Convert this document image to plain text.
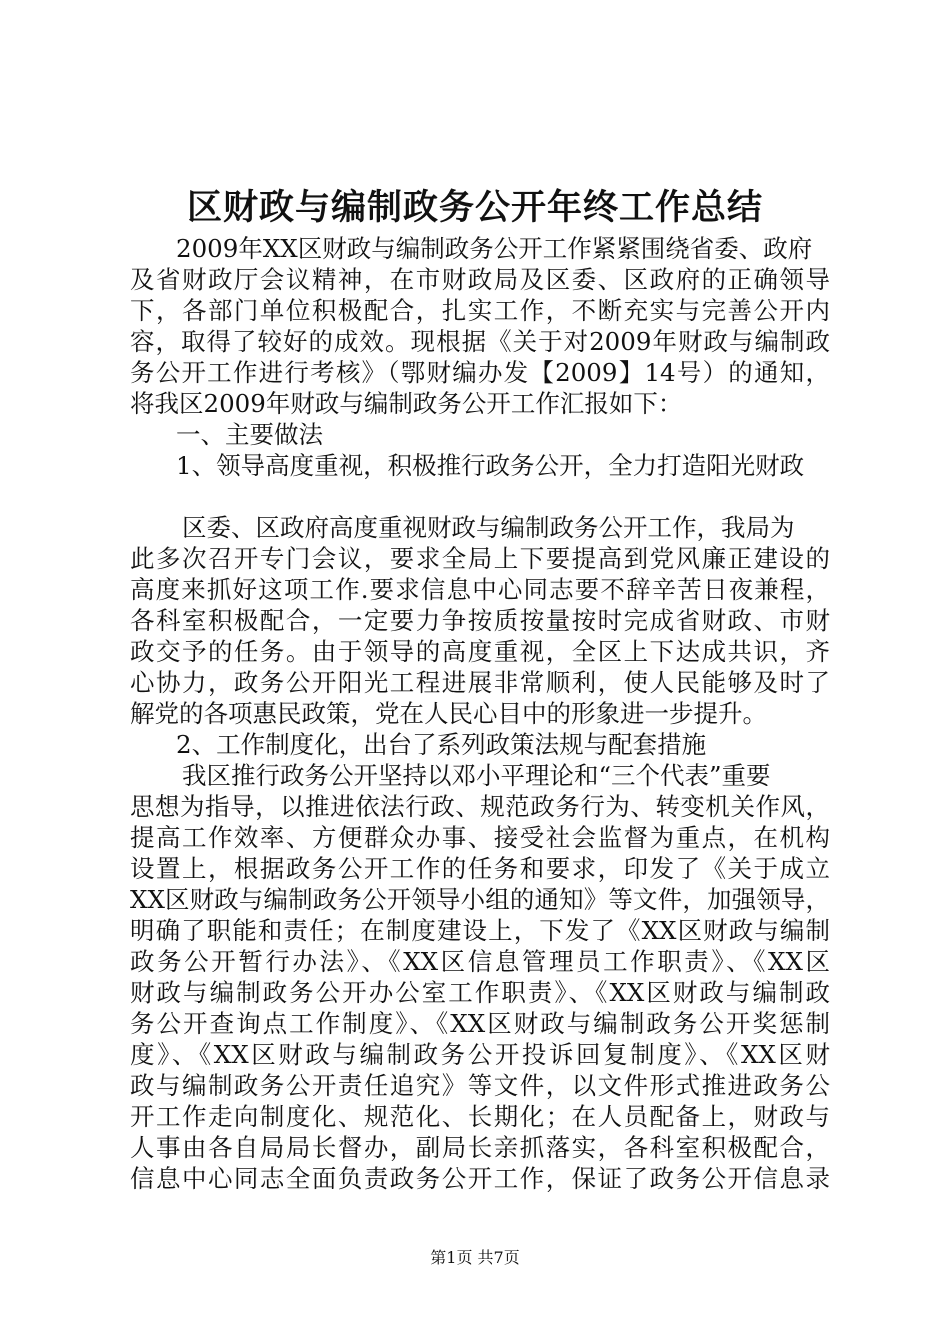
区财政与编制政务公开年终工作总结
2009年XX区财政与编制政务公开工作紧紧围绕省委、政府
及省财政厅会议精神，在市财政局及区委、区政府的正确领导
下，各部门单位积极配合，扎实工作，不断充实与完善公开内
容，取得了较好的成效。现根据《关于对2009年财政与编制政
务公开工作进行考核》（鄂财编办发【2009】14号）的通知，
将我区2009年财政与编制政务公开工作汇报如下：
一、主要做法
1、领导高度重视，积极推行政务公开，全力打造阳光财政
区委、区政府高度重视财政与编制政务公开工作，我局为
此多次召开专门会议，要求全局上下要提高到党风廉正建设的
高度来抓好这项工作.要求信息中心同志要不辞辛苦日夜兼程，
各科室积极配合，一定要力争按质按量按时完成省财政、市财
政交予的任务。由于领导的高度重视，全区上下达成共识，齐
心协力，政务公开阳光工程进展非常顺利，使人民能够及时了
解党的各项惠民政策，党在人民心目中的形象进一步提升。
2、工作制度化，出台了系列政策法规与配套措施
我区推行政务公开坚持以邓小平理论和“三个代表”重要
思想为指导，以推进依法行政、规范政务行为、转变机关作风，
提高工作效率、方便群众办事、接受社会监督为重点，在机构
设置上，根据政务公开工作的任务和要求，印发了《关于成立
XX区财政与编制政务公开领导小组的通知》等文件，加强领导，
明确了职能和责任；在制度建设上，下发了《XX区财政与编制
政务公开暂行办法》、《XX区信息管理员工作职责》、《XX区
财政与编制政务公开办公室工作职责》、《XX区财政与编制政
务公开查询点工作制度》、《XX区财政与编制政务公开奖惩制
度》、《XX区财政与编制政务公开投诉回复制度》、《XX区财
政与编制政务公开责任追究》等文件，以文件形式推进政务公
开工作走向制度化、规范化、长期化；在人员配备上，财政与
人事由各自局局长督办，副局长亲抓落实，各科室积极配合，
信息中心同志全面负责政务公开工作，保证了政务公开信息录
第1页 共7页
